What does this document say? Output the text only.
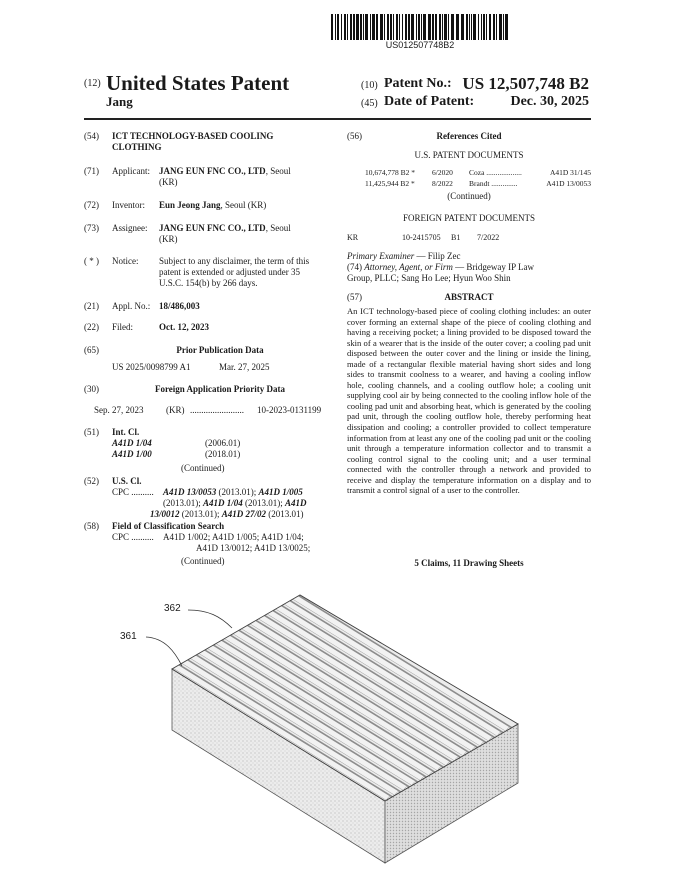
US012507748B2
(12) United States Patent
Jang
(10) Patent No.: US 12,507,748 B2
(45) Date of Patent:	Dec. 30, 2025
(54) ICT TECHNOLOGY-BASED COOLING
CLOTHING
(71) Applicant: JANG EUN FNC CO., LTD, Seoul
(KR)
(72) Inventor: Eun Jeong Jang, Seoul (KR)
(73) Assignee: JANG EUN FNC CO., LTD, Seoul
(KR)
( * ) Notice: Subject to any disclaimer, the term of this
patent is extended or adjusted under 35
U.S.C. 154(b) by 266 days.
(21) Appl. No.: 18/486,003
(22) Filed:	Oct. 12, 2023
(65)	Prior Publication Data
US 2025/0098799 A1	Mar. 27, 2025
(30)	Foreign Application Priority Data
Sep. 27, 2023	(KR) ........................ 10-2023-0131199
(51) Int. Cl.
A41D 1/04	(2006.01)
A41D 1/00	(2018.01)
(Continued)
(52) U.S. Cl.
CPC .......... A41D 13/0053 (2013.01); A41D 1/005
(2013.01); A41D 1/04 (2013.01); A41D
13/0012 (2013.01); A41D 27/02 (2013.01)
(58) Field of Classification Search
CPC .......... A41D 1/002; A41D 1/005; A41D 1/04;
A41D 13/0012; A41D 13/0025;
(Continued)
(56)	References Cited
U.S. PATENT DOCUMENTS
10,674,778 B2 * 6/2020 Coza ...................	A41D 31/145
11,425,944 B2 * 8/2022 Brandt ..............	A41D 13/0053
(Continued)
FOREIGN PATENT DOCUMENTS
KR	10-2415705 B1 7/2022
Primary Examiner — Filip Zec
(74) Attorney, Agent, or Firm — Bridgeway IP Law
Group, PLLC; Sang Ho Lee; Hyun Woo Shin
(57)	ABSTRACT
An ICT technology-based piece of cooling clothing includes: an outer cover forming an external shape of the piece of cooling clothing and having a receiving pocket; a lining provided to be disposed toward the skin of a wearer that is the inside of the outer cover; a cooling pad unit disposed between the outer cover and the lining or inside the lining, made of a rectangular flexible material having short sides and long sides to transmit coolness to a wearer, and having a cooling inflow hole, cooling channels, and a cooling outflow hole; a cooling unit supplying cool air by being connected to the cooling inflow hole of the cooling pad unit and absorbing heat, which is generated by the cooling pad unit, through the cooling outflow hole, thereby performing heat dissipation and cooling; a controller provided to collect temperature information from at least any one of the cooling pad unit or the cooling unit through a temperature information collector and to transmit a cooling control signal to the cooling unit; and a user terminal connected with the controller through a network and provided to receive and display the temperature information on a display and to transmit a control signal of a user to the controller.
5 Claims, 11 Drawing Sheets
362
361
